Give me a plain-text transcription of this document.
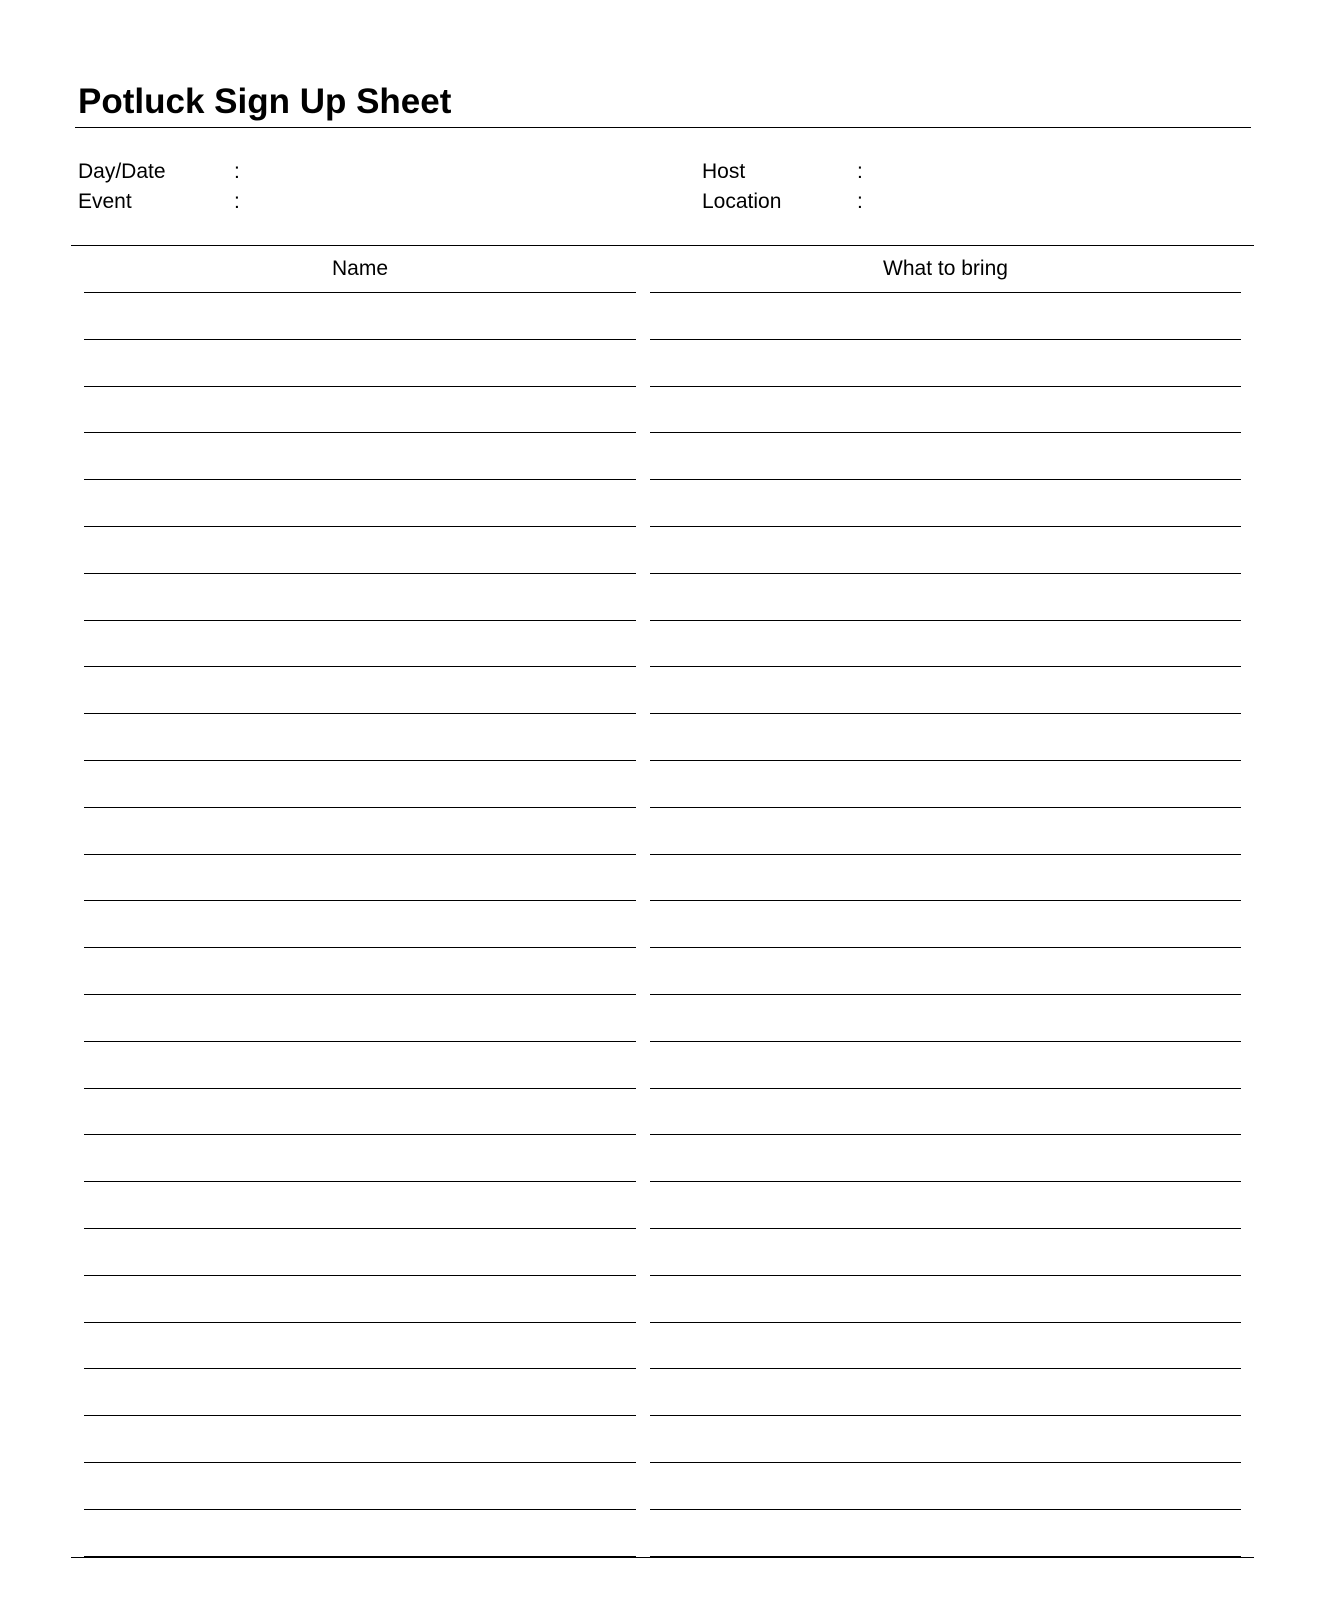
Potluck Sign Up Sheet
Day/Date	:
Event	:
Host	:
Location	:
Name	What to bring
